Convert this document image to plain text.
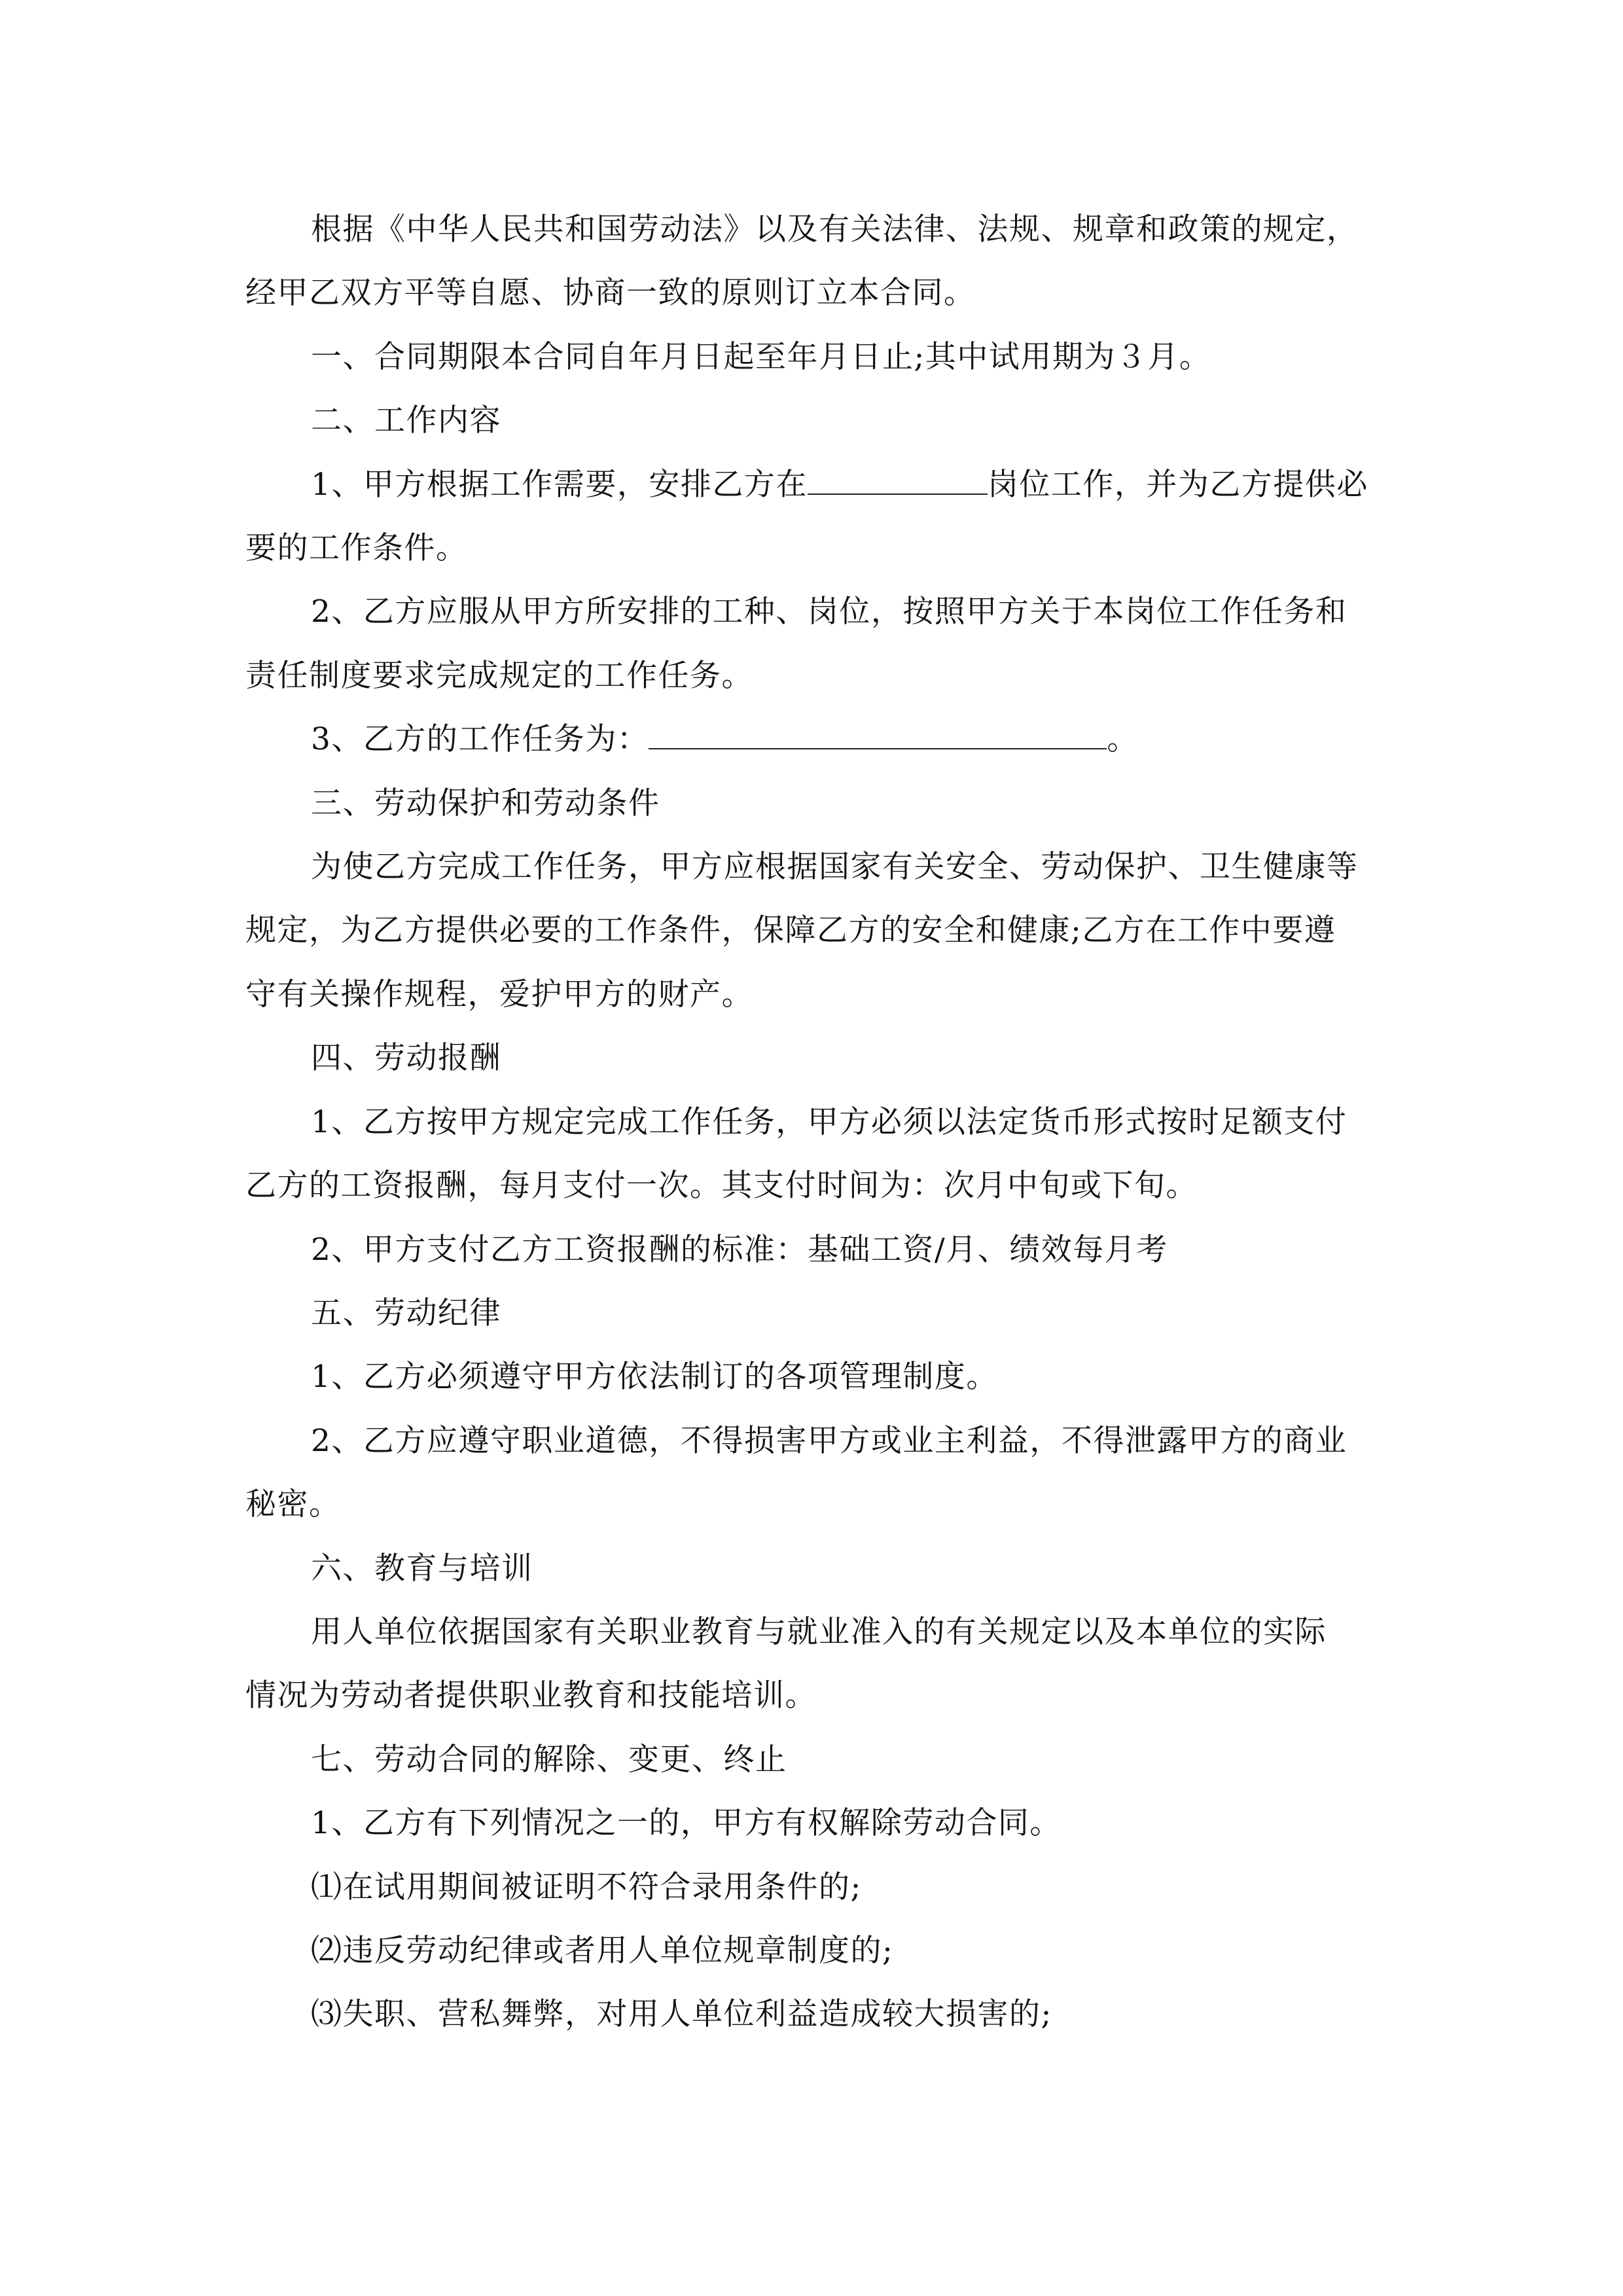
根据《中华人民共和国劳动法》以及有关法律、法规、规章和政策的规定，

经甲乙双方平等自愿、协商一致的原则订立本合同。

一、合同期限本合同自年月日起至年月日止;其中试用期为３月。

二、工作内容

1、甲方根据工作需要，安排乙方在	岗位工作，并为乙方提供必

要的工作条件。

2、乙方应服从甲方所安排的工种、岗位，按照甲方关于本岗位工作任务和

责任制度要求完成规定的工作任务。

3、乙方的工作任务为：	。

三、劳动保护和劳动条件

为使乙方完成工作任务，甲方应根据国家有关安全、劳动保护、卫生健康等

规定，为乙方提供必要的工作条件，保障乙方的安全和健康;乙方在工作中要遵

守有关操作规程，爱护甲方的财产。

四、劳动报酬

1、乙方按甲方规定完成工作任务，甲方必须以法定货币形式按时足额支付

乙方的工资报酬，每月支付一次。其支付时间为：次月中旬或下旬。

2、甲方支付乙方工资报酬的标准：基础工资/月、绩效每月考

五、劳动纪律

1、乙方必须遵守甲方依法制订的各项管理制度。

2、乙方应遵守职业道德，不得损害甲方或业主利益，不得泄露甲方的商业

秘密。

六、教育与培训

用人单位依据国家有关职业教育与就业准入的有关规定以及本单位的实际

情况为劳动者提供职业教育和技能培训。

七、劳动合同的解除、变更、终止

1、乙方有下列情况之一的，甲方有权解除劳动合同。

⑴在试用期间被证明不符合录用条件的;

⑵违反劳动纪律或者用人单位规章制度的;

⑶失职、营私舞弊，对用人单位利益造成较大损害的;
